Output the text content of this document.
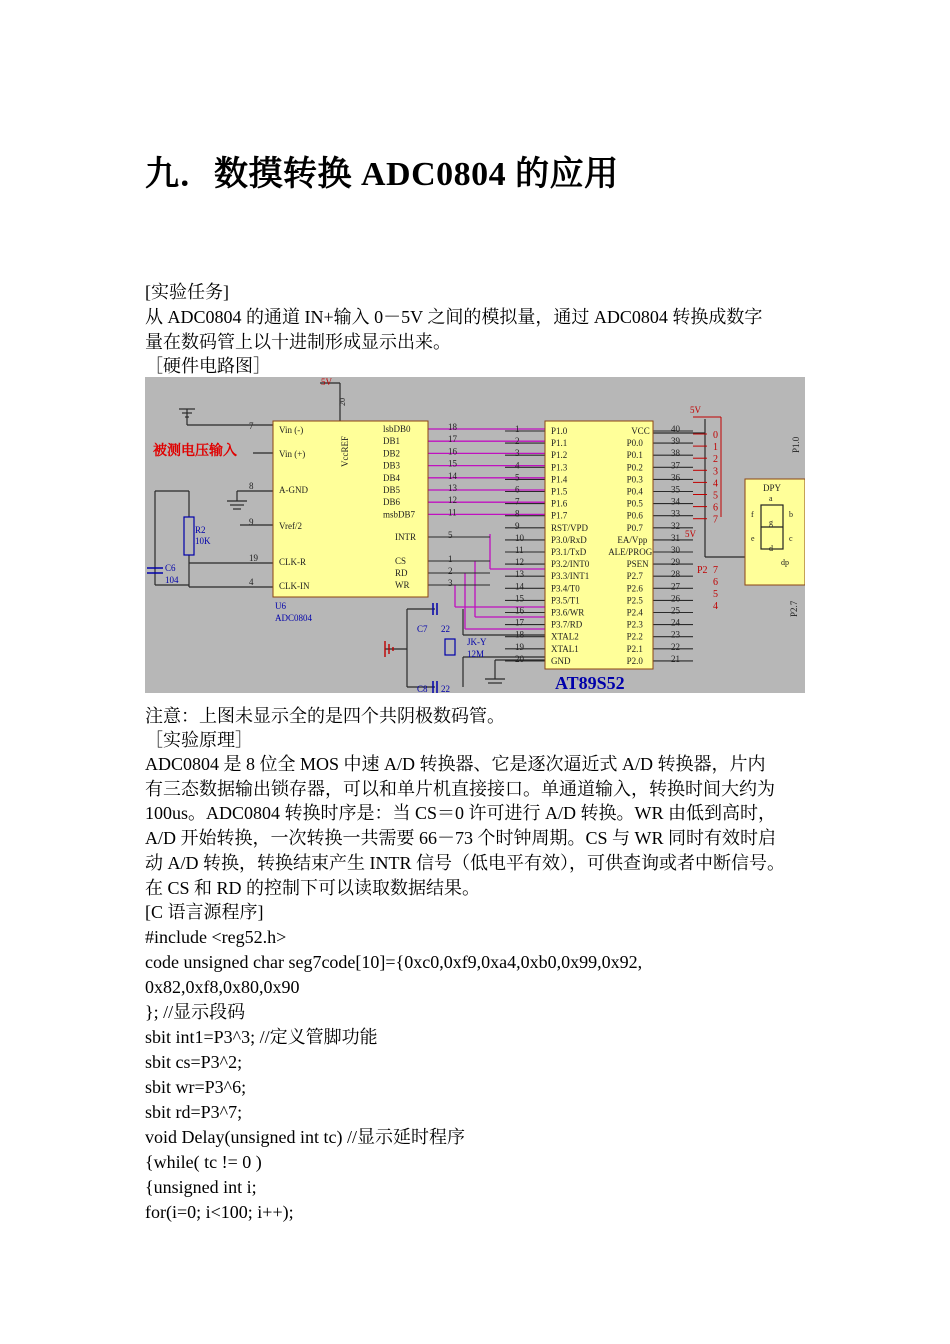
九．数摸转换 ADC0804 的应用
[实验任务]
从 ADC0804 的通道 IN+输入 0－5V 之间的模拟量，通过 ADC0804 转换成数字
量在数码管上以十进制形成显示出来。
［硬件电路图］
Vin (-)
Vin (+)
A-GND
Vref/2
CLK-R
CLK-IN
lsbDB0
DB1
DB2
DB3
DB4
DB5
DB6
msbDB7
INTR
CS
RD
WR
P1.0
P1.1
P1.2
P1.3
P1.4
P1.5
P1.6
P1.7
RST/VPD
P3.0/RxD
P3.1/TxD
P3.2/INT0
P3.3/INT1
P3.4/T0
P3.5/T1
P3.6/WR
P3.7/RD
XTAL2
XTAL1
GND
VCC
P0.0
P0.1
P0.2
P0.3
P0.4
P0.5
P0.6
P0.7
EA/Vpp
ALE/PROG
PSEN
P2.7
P2.6
P2.5
P2.4
P2.3
P2.2
P2.1
P2.0
7
8
9
19
4
18
17
16
15
14
13
12
11
5
1
2
3
1
2
3
4
5
6
7
8
9
10
11
12
13
14
15
16
17
18
19
20
40
39
38
37
36
35
34
33
32
31
30
29
28
27
26
25
24
23
22
21
5V
20
VccREF
被测电压输入
U6
ADC0804
AT89S52
R2
10K
C6
104
C7 22
C8 22
JK-Y
12M
0
1
2
3
4
5
6
7
P2 7
6
5
4
5V
5V
DPY
P1.0
P2.7
a
f
g
b
e	c
d
dp
注意：上图未显示全的是四个共阴极数码管。
［实验原理］
ADC0804 是 8 位全 MOS 中速 A/D 转换器、它是逐次逼近式 A/D 转换器，片内
有三态数据输出锁存器，可以和单片机直接接口。单通道输入，转换时间大约为
100us。ADC0804 转换时序是：当 CS＝0 许可进行 A/D 转换。WR 由低到高时，
A/D 开始转换，一次转换一共需要 66－73 个时钟周期。CS 与 WR 同时有效时启
动 A/D 转换，转换结束产生 INTR 信号（低电平有效），可供查询或者中断信号。
在 CS 和 RD 的控制下可以读取数据结果。
[C 语言源程序]
#include <reg52.h>
code unsigned char seg7code[10]={0xc0,0xf9,0xa4,0xb0,0x99,0x92,
0x82,0xf8,0x80,0x90
}; //显示段码
sbit int1=P3^3; //定义管脚功能
sbit cs=P3^2;
sbit wr=P3^6;
sbit rd=P3^7;
void Delay(unsigned int tc) //显示延时程序
{while( tc != 0 )
{unsigned int i;
for(i=0; i<100; i++);
